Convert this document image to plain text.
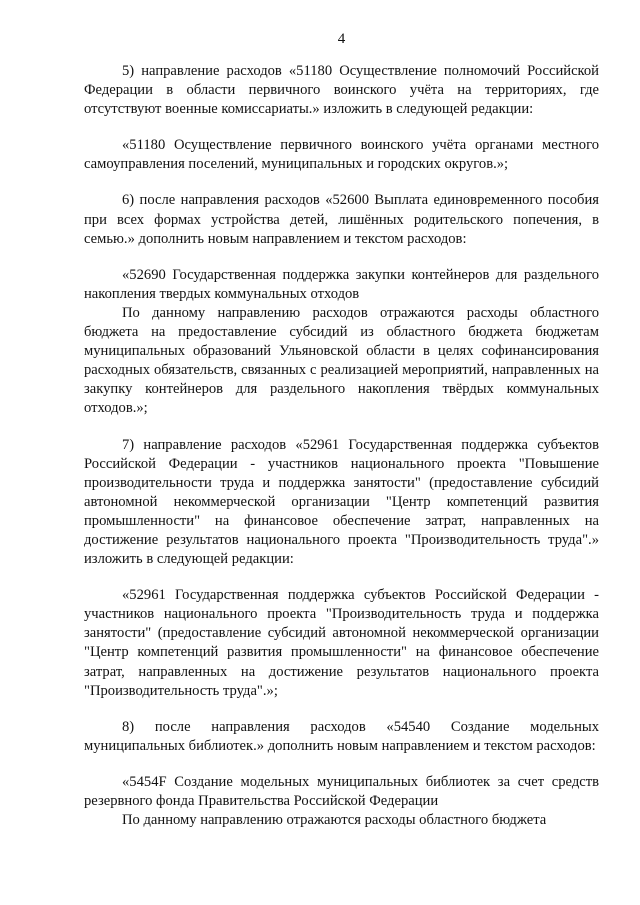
4

5) направление расходов «51180 Осуществление полномочий Российской Федерации в области первичного воинского учёта на территориях, где отсутствуют военные комиссариаты.» изложить в следующей редакции:

«51180 Осуществление первичного воинского учёта органами местного самоуправления поселений, муниципальных и городских округов.»;

6) после направления расходов «52600 Выплата единовременного пособия при всех формах устройства детей, лишённых родительского попечения, в семью.» дополнить новым направлением и текстом расходов:

«52690 Государственная поддержка закупки контейнеров для раздельного накопления твердых коммунальных отходов

По данному направлению расходов отражаются расходы областного бюджета на предоставление субсидий из областного бюджета бюджетам муниципальных образований Ульяновской области в целях софинансирования расходных обязательств, связанных с реализацией мероприятий, направленных на закупку контейнеров для раздельного накопления твёрдых коммунальных отходов.»;

7) направление расходов «52961 Государственная поддержка субъектов Российской Федерации - участников национального проекта "Повышение производительности труда и поддержка занятости" (предоставление субсидий автономной некоммерческой организации "Центр компетенций развития промышленности" на финансовое обеспечение затрат, направленных на достижение результатов национального проекта "Производительность труда".» изложить в следующей редакции:

«52961 Государственная поддержка субъектов Российской Федерации - участников национального проекта "Производительность труда и поддержка занятости" (предоставление субсидий автономной некоммерческой организации "Центр компетенций развития промышленности" на финансовое обеспечение затрат, направленных на достижение результатов национального проекта "Производительность труда".»;

8) после направления расходов «54540 Создание модельных муниципальных библиотек.» дополнить новым направлением и текстом расходов:

«5454F Создание модельных муниципальных библиотек за счет средств резервного фонда Правительства Российской Федерации

По данному направлению отражаются расходы областного бюджета
